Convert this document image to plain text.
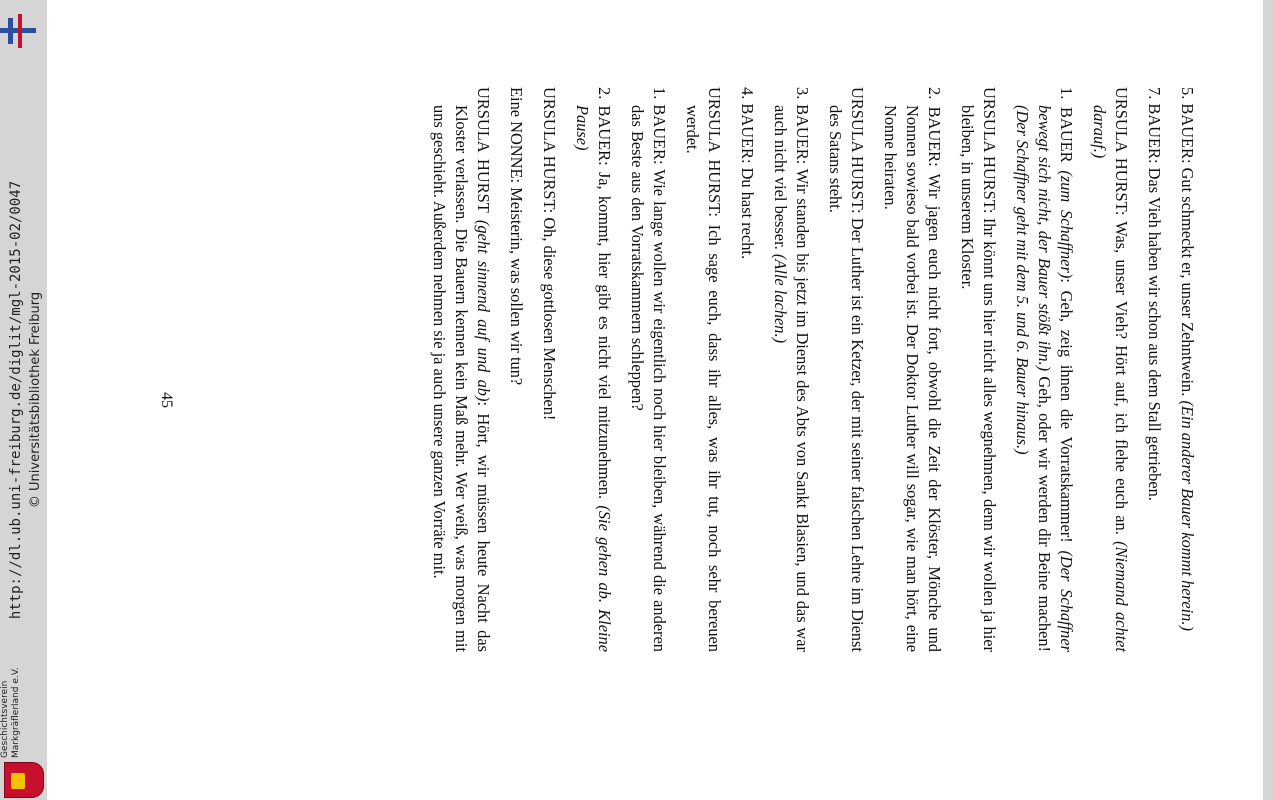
Geschichtsverein Markgräflerland e.V.
http://dl.ub.uni-freiburg.de/diglit/mgl-2015-02/0047 © Universitätsbibliothek Freiburg	5. BAUER: Gut schmeckt er, unser Zehntwein. (Ein anderer Bauer kommt herein.)

7. BAUER: Das Vieh haben wir schon aus dem Stall getrieben.

URSULA HURST: Was, unser Vieh? Hört auf, ich flehe euch an. (Niemand achtet darauf.)

1. BAUER (zum Schaffner): Geh, zeig ihnen die Vorratskammer! (Der Schaffner bewegt sich nicht, der Bauer stößt ihn.) Geh, oder wir werden dir Beine machen! (Der Schaffner geht mit dem 5. und 6. Bauer hinaus.)

URSULA HURST: Ihr könnt uns hier nicht alles wegnehmen, denn wir wollen ja hier bleiben, in unserem Kloster.

2. BAUER: Wir jagen euch nicht fort, obwohl die Zeit der Klöster, Mönche und Nonnen sowieso bald vorbei ist. Der Doktor Luther will sogar, wie man hört, eine Nonne heiraten.

URSULA HURST: Der Luther ist ein Ketzer, der mit seiner falschen Lehre im Dienst des Satans steht.

3. BAUER: Wir standen bis jetzt im Dienst des Abts von Sankt Blasien, und das war auch nicht viel besser. (Alle lachen.)

4. BAUER: Du hast recht.

URSULA HURST: Ich sage euch, dass ihr alles, was ihr tut, noch sehr bereuen werdet.

1. BAUER: Wie lange wollen wir eigentlich noch hier bleiben, während die anderen das Beste aus den Vorratskammern schleppen?

2. BAUER: Ja, kommt, hier gibt es nicht viel mitzunehmen. (Sie gehen ab. Kleine Pause)

URSULA HURST: Oh, diese gottlosen Menschen!

Eine NONNE: Meisterin, was sollen wir tun?

URSULA HURST (geht sinnend auf und ab): Hört, wir müssen heute Nacht das Kloster verlassen. Die Bauern kennen kein Maß mehr. Wer weiß, was morgen mit uns geschieht. Außerdem nehmen sie ja auch unsere ganzen Vorräte mit.

45
